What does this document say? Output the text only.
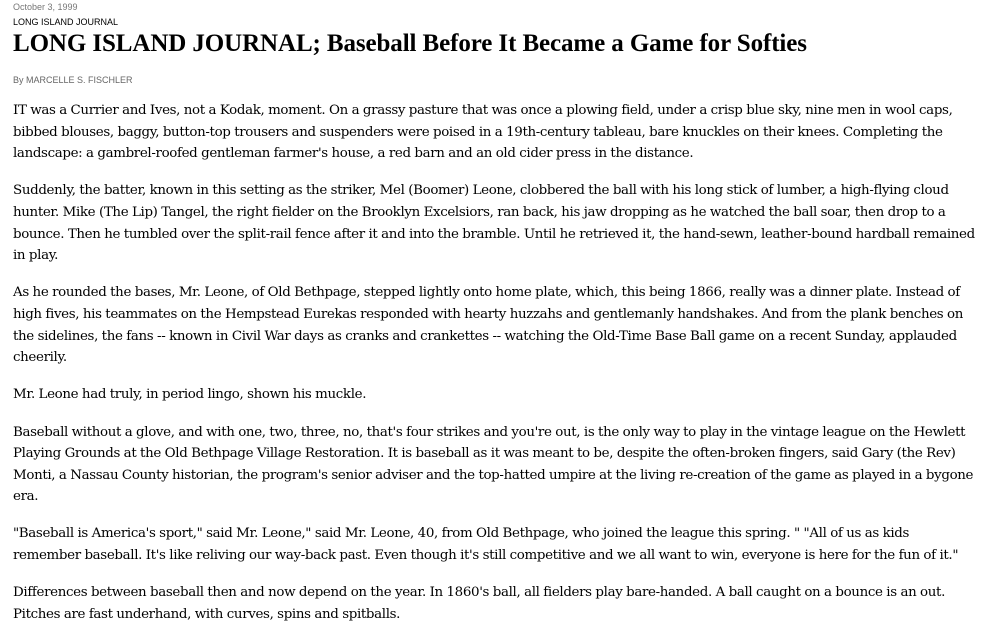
October 3, 1999
LONG ISLAND JOURNAL
LONG ISLAND JOURNAL; Baseball Before It Became a Game for Softies
By MARCELLE S. FISCHLER

IT was a Currier and Ives, not a Kodak, moment. On a grassy pasture that was once a plowing field, under a crisp blue sky, nine men in wool caps, bibbed blouses, baggy, button-top trousers and suspenders were poised in a 19th-century tableau, bare knuckles on their knees. Completing the landscape: a gambrel-roofed gentleman farmer's house, a red barn and an old cider press in the distance.

Suddenly, the batter, known in this setting as the striker, Mel (Boomer) Leone, clobbered the ball with his long stick of lumber, a high-flying cloud hunter. Mike (The Lip) Tangel, the right fielder on the Brooklyn Excelsiors, ran back, his jaw dropping as he watched the ball soar, then drop to a bounce. Then he tumbled over the split-rail fence after it and into the bramble. Until he retrieved it, the hand-sewn, leather-bound hardball remained in play.

As he rounded the bases, Mr. Leone, of Old Bethpage, stepped lightly onto home plate, which, this being 1866, really was a dinner plate. Instead of high fives, his teammates on the Hempstead Eurekas responded with hearty huzzahs and gentlemanly handshakes. And from the plank benches on the sidelines, the fans -- known in Civil War days as cranks and crankettes -- watching the Old-Time Base Ball game on a recent Sunday, applauded cheerily.

Mr. Leone had truly, in period lingo, shown his muckle.

Baseball without a glove, and with one, two, three, no, that's four strikes and you're out, is the only way to play in the vintage league on the Hewlett Playing Grounds at the Old Bethpage Village Restoration. It is baseball as it was meant to be, despite the often-broken fingers, said Gary (the Rev) Monti, a Nassau County historian, the program's senior adviser and the top-hatted umpire at the living re-creation of the game as played in a bygone era.

"Baseball is America's sport," said Mr. Leone," said Mr. Leone, 40, from Old Bethpage, who joined the league this spring. " "All of us as kids remember baseball. It's like reliving our way-back past. Even though it's still competitive and we all want to win, everyone is here for the fun of it."

Differences between baseball then and now depend on the year. In 1860's ball, all fielders play bare-handed. A ball caught on a bounce is an out. Pitches are fast underhand, with curves, spins and spitballs.
